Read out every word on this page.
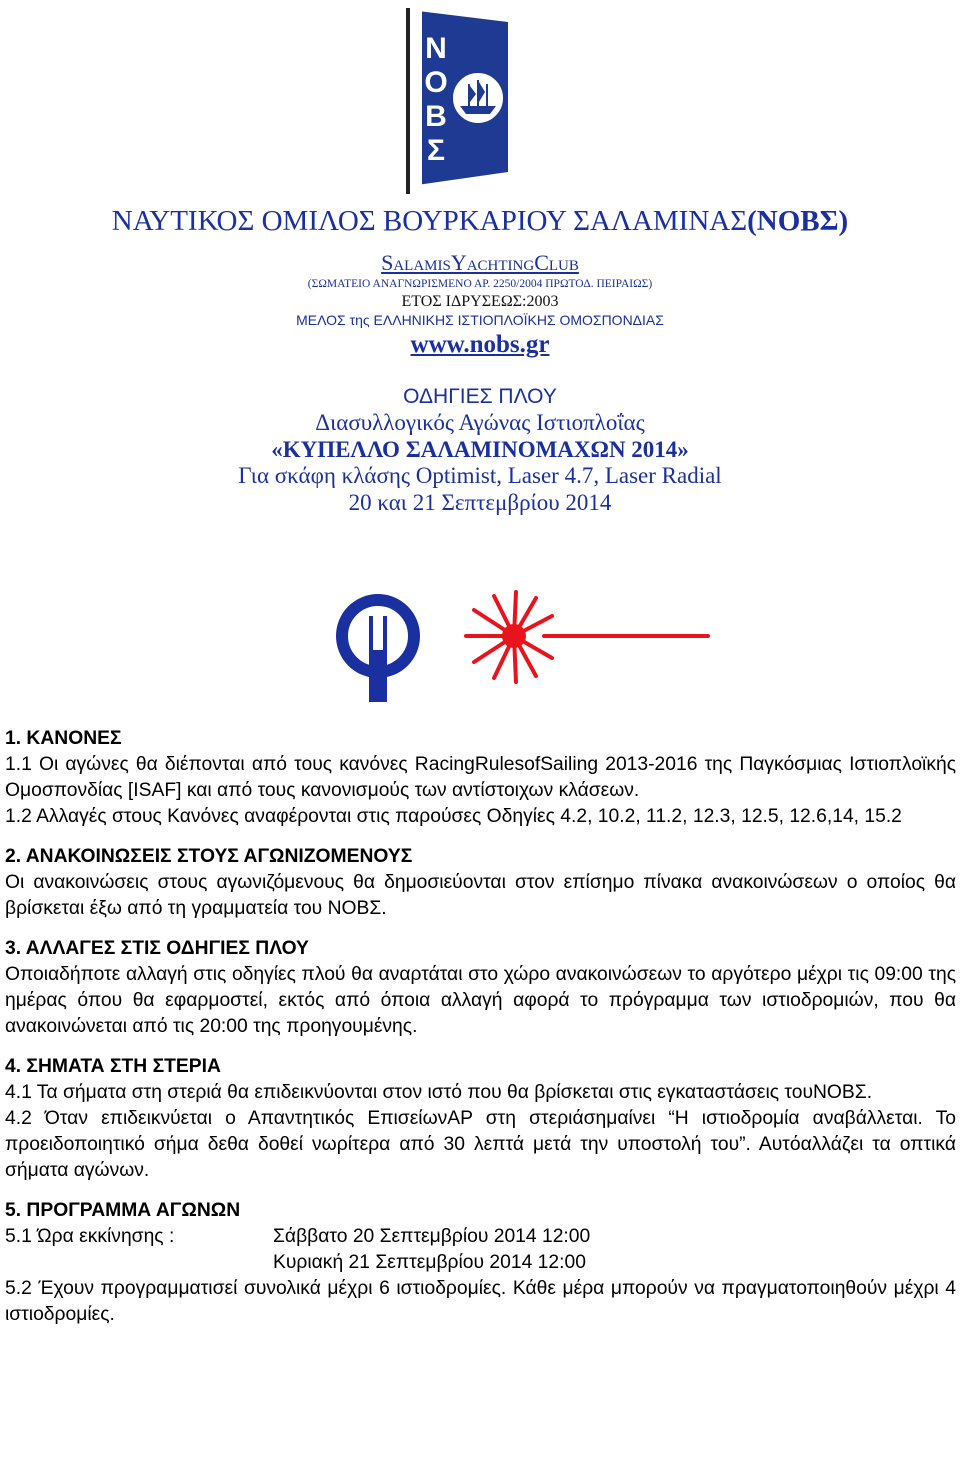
Ν
Ο
Β
Σ
ΝΑΥΤΙΚΟΣ ΟΜΙΛΟΣ ΒΟΥΡΚΑΡΙΟΥ ΣΑΛΑΜΙΝΑΣ(ΝΟΒΣ)
SalamisYachtingClub
(ΣΩΜΑΤΕΙΟ ΑΝΑΓΝΩΡΙΣΜΕΝΟ ΑΡ. 2250/2004 ΠΡΩΤΟΔ. ΠΕΙΡΑΙΩΣ)
ΕΤΟΣ ΙΔΡΥΣΕΩΣ:2003
ΜΕΛΟΣ της ΕΛΛΗΝΙΚΗΣ ΙΣΤΙΟΠΛΟΪΚΗΣ ΟΜΟΣΠΟΝΔΙΑΣ
www.nobs.gr
ΟΔΗΓΙΕΣ ΠΛΟΥ
Διασυλλογικός Αγώνας Ιστιοπλοΐας
«ΚΥΠΕΛΛΟ ΣΑΛΑΜΙΝΟΜΑΧΩΝ 2014»
Για σκάφη κλάσης Optimist, Laser 4.7, Laser Radial
20 και 21 Σεπτεμβρίου 2014

1. ΚΑΝΟΝΕΣ

1.1 Οι αγώνες θα διέπονται από τους κανόνες RacingRulesofSailing 2013-2016 της Παγκόσμιας Ιστιοπλοϊκής Ομοσπονδίας [ISAF] και από τους κανονισμούς των αντίστοιχων κλάσεων.

1.2 Αλλαγές στους Κανόνες αναφέρονται στις παρούσες Οδηγίες 4.2, 10.2, 11.2, 12.3, 12.5, 12.6,14, 15.2

2. ΑΝΑΚΟΙΝΩΣΕΙΣ ΣΤΟΥΣ ΑΓΩΝΙΖΟΜΕΝΟΥΣ

Οι ανακοινώσεις στους αγωνιζόμενους θα δημοσιεύονται στον επίσημο πίνακα ανακοινώσεων ο οποίος θα βρίσκεται έξω από τη γραμματεία του ΝΟΒΣ.

3. ΑΛΛΑΓΕΣ ΣΤΙΣ ΟΔΗΓΙΕΣ ΠΛΟΥ

Οποιαδήποτε αλλαγή στις οδηγίες πλού θα αναρτάται στο χώρο ανακοινώσεων το αργότερο μέχρι τις 09:00 της ημέρας όπου θα εφαρμοστεί, εκτός από όποια αλλαγή αφορά το πρόγραμμα των ιστιοδρομιών, που θα ανακοινώνεται από τις 20:00 της προηγουμένης.

4. ΣΗΜΑΤΑ ΣΤΗ ΣΤΕΡΙΑ

4.1 Τα σήματα στη στεριά θα επιδεικνύονται στον ιστό που θα βρίσκεται στις εγκαταστάσεις τουΝΟΒΣ.

4.2 Όταν επιδεικνύεται ο Απαντητικός ΕπισείωνAP στη στεριάσημαίνει “Η ιστιοδρομία αναβάλλεται. Το προειδοποιητικό σήμα δεθα δοθεί νωρίτερα από 30 λεπτά μετά την υποστολή του”. Αυτόαλλάζει τα οπτικά σήματα αγώνων.

5. ΠΡΟΓΡΑΜΜΑ ΑΓΩΝΩΝ

5.1 Ώρα εκκίνησης :	Σάββατο 20 Σεπτεμβρίου 2014 12:00
Κυριακή 21 Σεπτεμβρίου 2014 12:00

5.2 Έχουν προγραμματισεί συνολικά μέχρι 6 ιστιοδρομίες. Κάθε μέρα μπορούν να πραγματοποιηθούν μέχρι 4 ιστιοδρομίες.
